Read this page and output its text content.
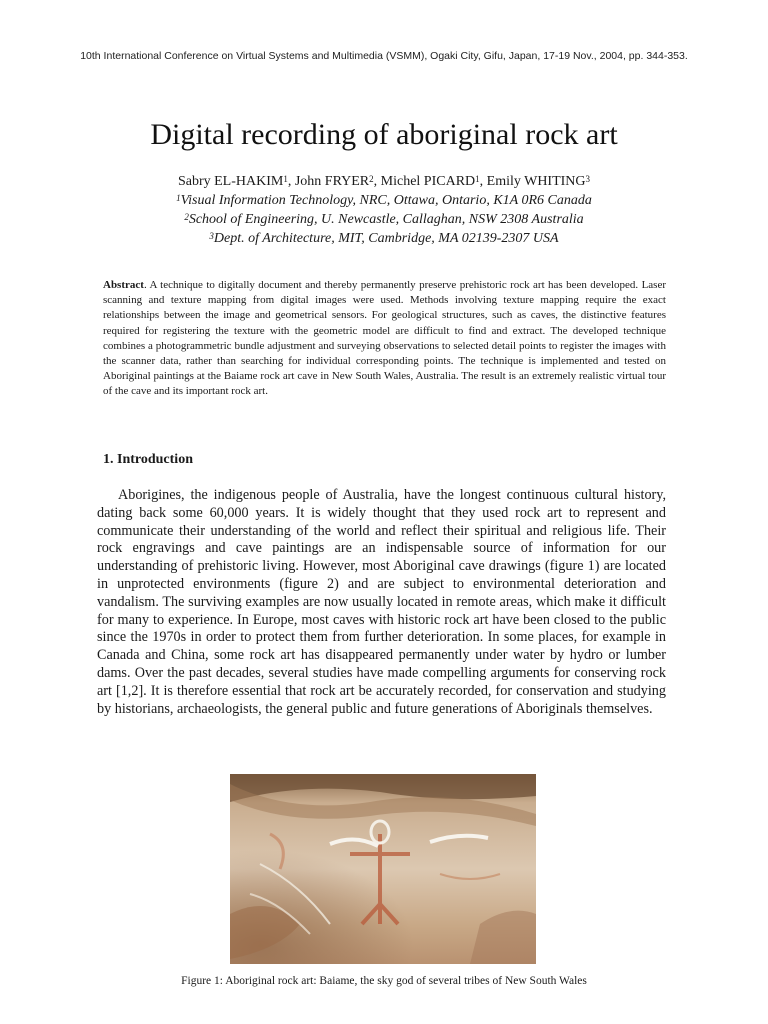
10th International Conference on Virtual Systems and Multimedia (VSMM), Ogaki City, Gifu, Japan, 17-19 Nov., 2004, pp. 344-353.
Digital recording of aboriginal rock art
Sabry EL-HAKIM$^1$, John FRYER$^2$, Michel PICARD$^1$, Emily WHITING$^3$
$^1$Visual Information Technology, NRC, Ottawa, Ontario, K1A 0R6 Canada
$^2$School of Engineering, U. Newcastle, Callaghan, NSW 2308 Australia
$^3$Dept. of Architecture, MIT, Cambridge, MA 02139-2307 USA
Abstract. A technique to digitally document and thereby permanently preserve prehistoric rock art has been developed. Laser scanning and texture mapping from digital images were used. Methods involving texture mapping require the exact relationships between the image and geometrical sensors. For geological structures, such as caves, the distinctive features required for registering the texture with the geometric model are difficult to find and extract. The developed technique combines a photogrammetric bundle adjustment and surveying observations to selected detail points to register the images with the scanner data, rather than searching for individual corresponding points. The technique is implemented and tested on Aboriginal paintings at the Baiame rock art cave in New South Wales, Australia. The result is an extremely realistic virtual tour of the cave and its important rock art.
1. Introduction

Aborigines, the indigenous people of Australia, have the longest continuous cultural history, dating back some 60,000 years. It is widely thought that they used rock art to represent and communicate their understanding of the world and reflect their spiritual and religious life. Their rock engravings and cave paintings are an indispensable source of information for our understanding of prehistoric living. However, most Aboriginal cave drawings (figure 1) are located in unprotected environments (figure 2) and are subject to environmental deterioration and vandalism. The surviving examples are now usually located in remote areas, which make it difficult for many to experience. In Europe, most caves with historic rock art have been closed to the public since the 1970s in order to protect them from further deterioration. In some places, for example in Canada and China, some rock art has disappeared permanently under water by hydro or lumber dams. Over the past decades, several studies have made compelling arguments for conserving rock art [1,2]. It is therefore essential that rock art be accurately recorded, for conservation and studying by historians, archaeologists, the general public and future generations of Aboriginals themselves.

Figure 1: Aboriginal rock art: Baiame, the sky god of several tribes of New South Wales
